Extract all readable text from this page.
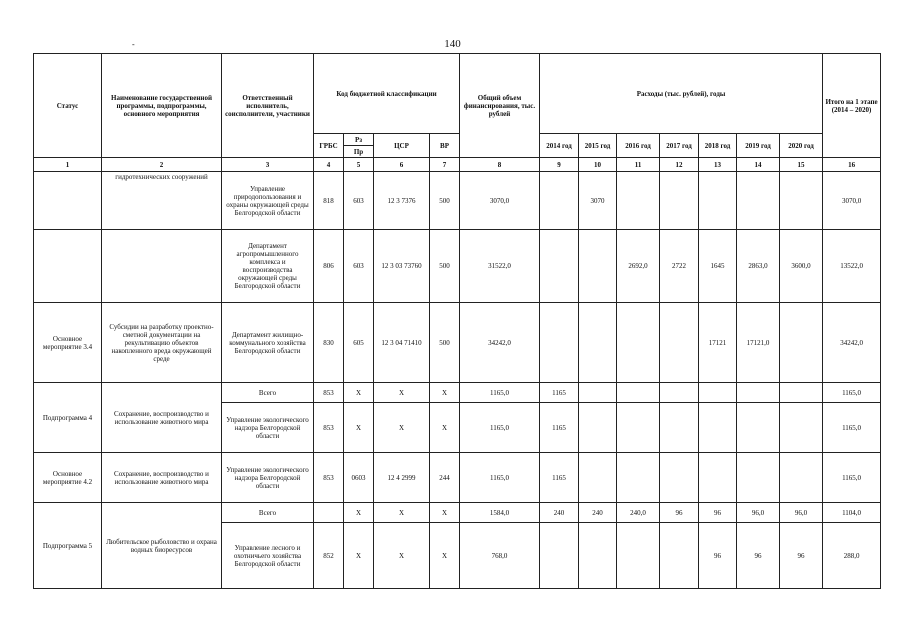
-	140
Статус	Наименование государственной программы, подпрограммы, основного мероприятия	Ответственный исполнитель, соисполнители, участники	Код бюджетной классификации				Общий объем финансирования, тыс. рублей	Расходы (тыс. рублей), годы							Итого на 1 этапе (2014 – 2020)
			ГРБС	Рз	ЦСР	ВР		2014 год	2015 год	2016 год	2017 год	2018 год	2019 год	2020 год	
				Пр											
1	2	3	4	5	6	7	8	9	10	11	12	13	14	15	16
	гидротехнических сооружений	Управление природопользования и охраны окружающей среды Белгородской области	818	603	12 3 7376	500	3070,0		3070						3070,0
		Департамент агропромышленного комплекса и воспроизводства окружающей среды Белгородской области	806	603	12 3 03 73760	500	31522,0			2692,0	2722	1645	2863,0	3600,0	13522,0
Основное мероприятие 3.4	Субсидии на разработку проектно-сметной документации на рекультивацию объектов накопленного вреда окружающей среде	Департамент жилищно-коммунального хозяйства Белгородской области	830	605	12 3 04 71410	500	34242,0					17121	17121,0		34242,0
Подпрограмма 4	Сохранение, воспроизводство и использование животного мира	Всего	853	Х	Х	Х	1165,0	1165							1165,0
		Управление экологического надзора Белгородской области	853	Х	Х	Х	1165,0	1165							1165,0
Основное мероприятие 4.2	Сохранение, воспроизводство и использование животного мира	Управление экологического надзора Белгородской области	853	0603	12 4 2999	244	1165,0	1165							1165,0
Подпрограмма 5	Любительское рыболовство и охрана водных биоресурсов	Всего		Х	Х	Х	1584,0	240	240	240,0	96	96	96,0	96,0	1104,0
		Управление лесного и охотничьего хозяйства Белгородской области	852	Х	Х	Х	768,0					96	96	96	288,0
